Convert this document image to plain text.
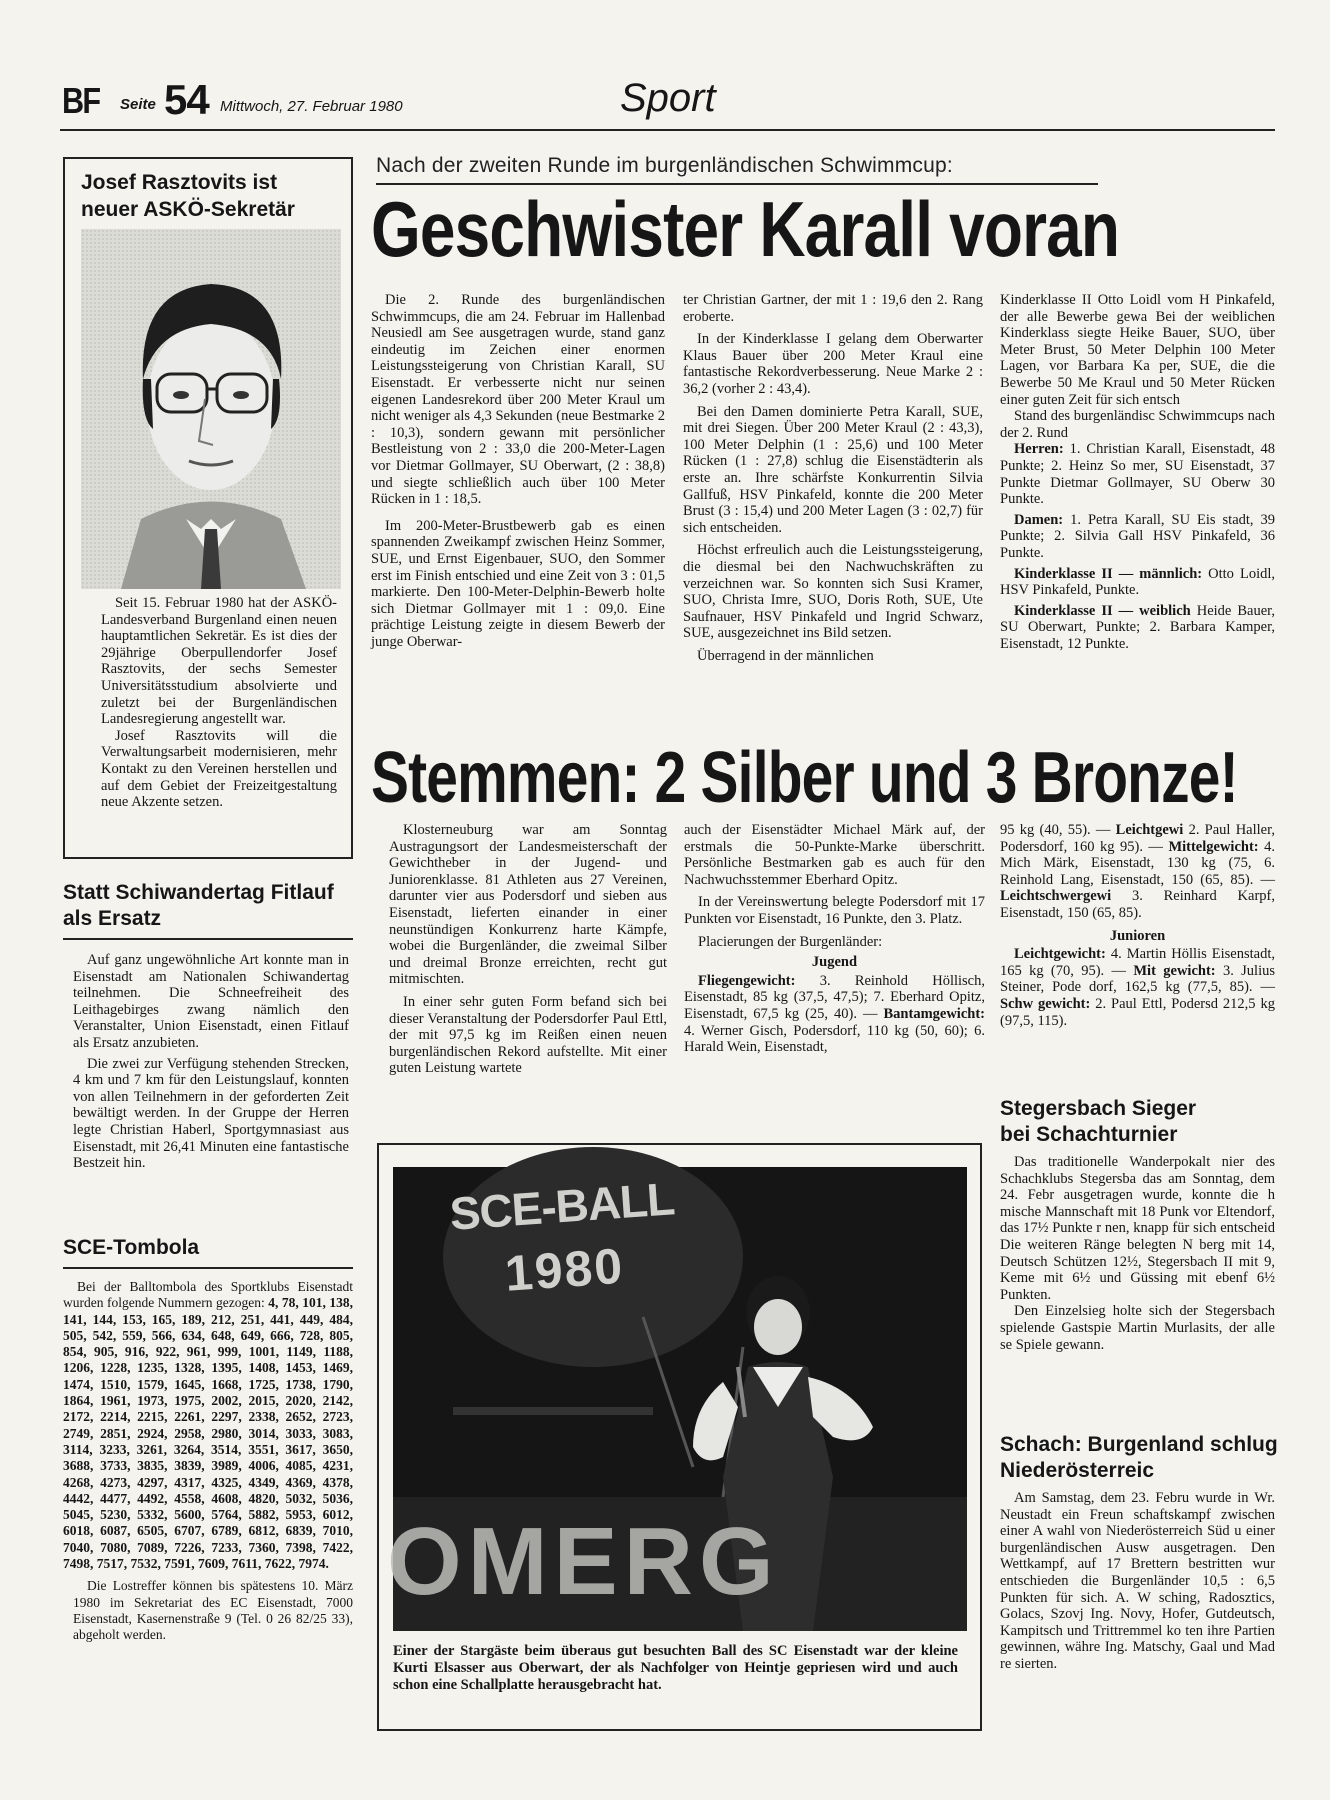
BF Seite 54 Mittwoch, 27. Februar 1980	Sport
Josef Rasztovits ist neuer ASKÖ-Sekretär

Seit 15. Februar 1980 hat der ASKÖ-Landesverband Burgenland einen neuen hauptamtlichen Sekretär. Es ist dies der 29jährige Oberpullendorfer Josef Rasztovits, der sechs Semester Universitätsstudium absolvierte und zuletzt bei der Burgenländischen Landesregierung angestellt war.

Josef Rasztovits will die Verwaltungsarbeit modernisieren, mehr Kontakt zu den Vereinen herstellen und auf dem Gebiet der Freizeitgestaltung neue Akzente setzen.

Statt Schiwandertag Fitlauf als Ersatz

Auf ganz ungewöhnliche Art konnte man in Eisenstadt am Nationalen Schiwandertag teilnehmen. Die Schneefreiheit des Leithagebirges zwang nämlich den Veranstalter, Union Eisenstadt, einen Fitlauf als Ersatz anzubieten.

Die zwei zur Verfügung stehenden Strecken, 4 km und 7 km für den Leistungslauf, konnten von allen Teilnehmern in der geforderten Zeit bewältigt werden. In der Gruppe der Herren legte Christian Haberl, Sportgymnasiast aus Eisenstadt, mit 26,41 Minuten eine fantastische Bestzeit hin.

SCE-Tombola

Bei der Balltombola des Sportklubs Eisenstadt wurden folgende Nummern gezogen: 4, 78, 101, 138, 141, 144, 153, 165, 189, 212, 251, 441, 449, 484, 505, 542, 559, 566, 634, 648, 649, 666, 728, 805, 854, 905, 916, 922, 961, 999, 1001, 1149, 1188, 1206, 1228, 1235, 1328, 1395, 1408, 1453, 1469, 1474, 1510, 1579, 1645, 1668, 1725, 1738, 1790, 1864, 1961, 1973, 1975, 2002, 2015, 2020, 2142, 2172, 2214, 2215, 2261, 2297, 2338, 2652, 2723, 2749, 2851, 2924, 2958, 2980, 3014, 3033, 3083, 3114, 3233, 3261, 3264, 3514, 3551, 3617, 3650, 3688, 3733, 3835, 3839, 3989, 4006, 4085, 4231, 4268, 4273, 4297, 4317, 4325, 4349, 4369, 4378, 4442, 4477, 4492, 4558, 4608, 4820, 5032, 5036, 5045, 5230, 5332, 5600, 5764, 5882, 5953, 6012, 6018, 6087, 6505, 6707, 6789, 6812, 6839, 7010, 7040, 7080, 7089, 7226, 7233, 7360, 7398, 7422, 7498, 7517, 7532, 7591, 7609, 7611, 7622, 7974.

Die Lostreffer können bis spätestens 10. März 1980 im Sekretariat des EC Eisenstadt, 7000 Eisenstadt, Kasernenstraße 9 (Tel. 0 26 82/25 33), abgeholt werden.

Nach der zweiten Runde im burgenländischen Schwimmcup:
Geschwister Karall voran

Die 2. Runde des burgenländischen Schwimmcups, die am 24. Februar im Hallenbad Neusiedl am See ausgetragen wurde, stand ganz eindeutig im Zeichen einer enormen Leistungssteigerung von Christian Karall, SU Eisenstadt. Er verbesserte nicht nur seinen eigenen Landesrekord über 200 Meter Kraul um nicht weniger als 4,3 Sekunden (neue Bestmarke 2 : 10,3), sondern gewann mit persönlicher Bestleistung von 2 : 33,0 die 200-Meter-Lagen vor Dietmar Gollmayer, SU Oberwart, (2 : 38,8) und siegte schließlich auch über 100 Meter Rücken in 1 : 18,5.

Im 200-Meter-Brustbewerb gab es einen spannenden Zweikampf zwischen Heinz Sommer, SUE, und Ernst Eigenbauer, SUO, den Sommer erst im Finish entschied und eine Zeit von 3 : 01,5 markierte. Den 100-Meter-Delphin-Bewerb holte sich Dietmar Gollmayer mit 1 : 09,0. Eine prächtige Leistung zeigte in diesem Bewerb der junge Oberwar-

ter Christian Gartner, der mit 1 : 19,6 den 2. Rang eroberte.

In der Kinderklasse I gelang dem Oberwarter Klaus Bauer über 200 Meter Kraul eine fantastische Rekordverbesserung. Neue Marke 2 : 36,2 (vorher 2 : 43,4).

Bei den Damen dominierte Petra Karall, SUE, mit drei Siegen. Über 200 Meter Kraul (2 : 43,3), 100 Meter Delphin (1 : 25,6) und 100 Meter Rücken (1 : 27,8) schlug die Eisenstädterin als erste an. Ihre schärfste Konkurrentin Silvia Gallfuß, HSV Pinkafeld, konnte die 200 Meter Brust (3 : 15,4) und 200 Meter Lagen (3 : 02,7) für sich entscheiden.

Höchst erfreulich auch die Leistungssteigerung, die diesmal bei den Nachwuchskräften zu verzeichnen war. So konnten sich Susi Kramer, SUO, Christa Imre, SUO, Doris Roth, SUE, Ute Saufnauer, HSV Pinkafeld und Ingrid Schwarz, SUE, ausgezeichnet ins Bild setzen.

Überragend in der männlichen

Kinderklasse II Otto Loidl vom H Pinkafeld, der alle Bewerbe gewa Bei der weiblichen Kinderklass siegte Heike Bauer, SUO, über Meter Brust, 50 Meter Delphin 100 Meter Lagen, vor Barbara Ka per, SUE, die die Bewerbe 50 Me Kraul und 50 Meter Rücken einer guten Zeit für sich entsch

Stand des burgenländisc Schwimmcups nach der 2. Rund

Herren: 1. Christian Karall, Eisenstadt, 48 Punkte; 2. Heinz So mer, SU Eisenstadt, 37 Punkte Dietmar Gollmayer, SU Oberw 30 Punkte.

Damen: 1. Petra Karall, SU Eis stadt, 39 Punkte; 2. Silvia Gall HSV Pinkafeld, 36 Punkte.

Kinderklasse II — männlich: Otto Loidl, HSV Pinkafeld, Punkte.

Kinderklasse II — weiblich Heide Bauer, SU Oberwart, Punkte; 2. Barbara Kamper, Eisenstadt, 12 Punkte.

Stemmen: 2 Silber und 3 Bronze!

Klosterneuburg war am Sonntag Austragungsort der Landesmeisterschaft der Gewichtheber in der Jugend- und Juniorenklasse. 81 Athleten aus 27 Vereinen, darunter vier aus Podersdorf und sieben aus Eisenstadt, lieferten einander in einer neunstündigen Konkurrenz harte Kämpfe, wobei die Burgenländer, die zweimal Silber und dreimal Bronze erreichten, recht gut mitmischten.

In einer sehr guten Form befand sich bei dieser Veranstaltung der Podersdorfer Paul Ettl, der mit 97,5 kg im Reißen einen neuen burgenländischen Rekord aufstellte. Mit einer guten Leistung wartete

auch der Eisenstädter Michael Märk auf, der erstmals die 50-Punkte-Marke überschritt. Persönliche Bestmarken gab es auch für den Nachwuchsstemmer Eberhard Opitz.

In der Vereinswertung belegte Podersdorf mit 17 Punkten vor Eisenstadt, 16 Punkte, den 3. Platz.

Placierungen der Burgenländer:

Jugend

Fliegengewicht: 3. Reinhold Höllisch, Eisenstadt, 85 kg (37,5, 47,5); 7. Eberhard Opitz, Eisenstadt, 67,5 kg (25, 40). — Bantamgewicht: 4. Werner Gisch, Podersdorf, 110 kg (50, 60); 6. Harald Wein, Eisenstadt,

95 kg (40, 55). — Leichtgewi 2. Paul Haller, Podersdorf, 160 kg 95). — Mittelgewicht: 4. Mich Märk, Eisenstadt, 130 kg (75, 6. Reinhold Lang, Eisenstadt, 150 (65, 85). — Leichtschwergewi 3. Reinhard Karpf, Eisenstadt, 150 (65, 85).

Junioren

Leichtgewicht: 4. Martin Höllis Eisenstadt, 165 kg (70, 95). — Mit gewicht: 3. Julius Steiner, Pode dorf, 162,5 kg (77,5, 85). — Schw gewicht: 2. Paul Ettl, Podersd 212,5 kg (97,5, 115).

SCE-BALL
1980
OMERG

Einer der Stargäste beim überaus gut besuchten Ball des SC Eisenstadt war der kleine Kurti Elsasser aus Oberwart, der als Nachfolger von Heintje gepriesen wird und auch schon eine Schallplatte herausgebracht hat.

Stegersbach Sieger bei Schachturnier

Das traditionelle Wanderpokalt nier des Schachklubs Stegersba das am Sonntag, dem 24. Febr ausgetragen wurde, konnte die h mische Mannschaft mit 18 Punk vor Eltendorf, das 17½ Punkte r nen, knapp für sich entscheid Die weiteren Ränge belegten N berg mit 14, Deutsch Schützen 12½, Stegersbach II mit 9, Keme mit 6½ und Güssing mit ebenf 6½ Punkten.

Den Einzelsieg holte sich der Stegersbach spielende Gastspie Martin Murlasits, der alle se Spiele gewann.

Schach: Burgenland schlug Niederösterreic

Am Samstag, dem 23. Febru wurde in Wr. Neustadt ein Freun schaftskampf zwischen einer A wahl von Niederösterreich Süd u einer burgenländischen Ausw ausgetragen. Den Wettkampf, auf 17 Brettern bestritten wur entschieden die Burgenländer 10,5 : 6,5 Punkten für sich. A. W sching, Radosztics, Golacs, Szovj Ing. Novy, Hofer, Gutdeutsch, Kampitsch und Trittremmel ko ten ihre Partien gewinnen, währe Ing. Matschy, Gaal und Mad re sierten.
